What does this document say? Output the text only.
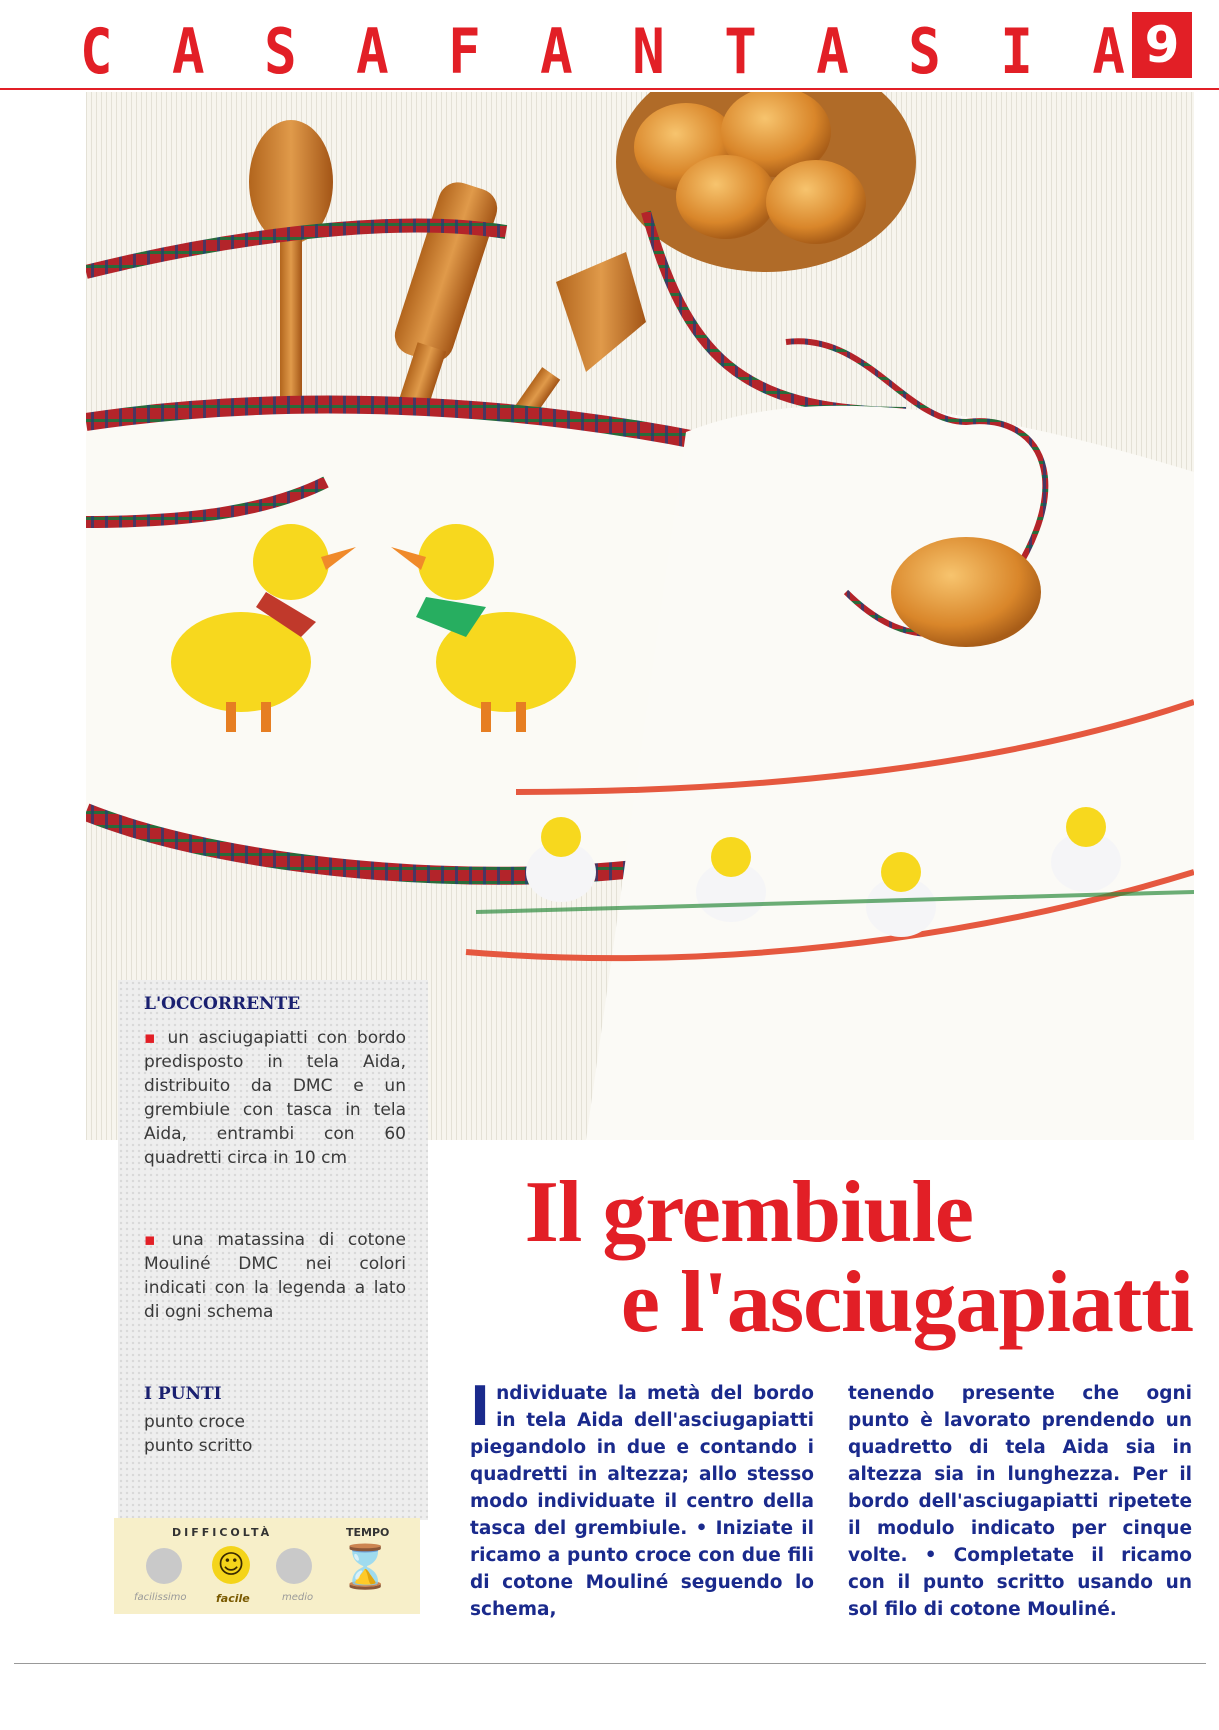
C A S A F A N T A S I A 9
L'OCCORRENTE
▪ un asciugapiatti con bordo predisposto in tela Aida, distribuito da DMC e un grembiule con tasca in tela Aida, entrambi con 60 quadretti circa in 10 cm
▪ una matassina di cotone Mouliné DMC nei colori indicati con la legenda a lato di ogni schema
I PUNTI
punto croce
punto scritto
DIFFICOLTÀ	TEMPO
☺ ⌛
facilissimo	facile	medio
Il grembiule
e l'asciugapiatti
Individuate la metà del bordo in tela Aida dell'asciugapiatti piegandolo in due e contando i quadretti in altezza; allo stesso modo individuate il centro della tasca del grembiule. • Iniziate il ricamo a punto croce con due fili di cotone Mouliné seguendo lo schema,
tenendo presente che ogni punto è lavorato prendendo un quadretto di tela Aida sia in altezza sia in lunghezza. Per il bordo dell'asciugapiatti ripetete il modulo indicato per cinque volte. • Completate il ricamo con il punto scritto usando un sol filo di cotone Mouliné.
